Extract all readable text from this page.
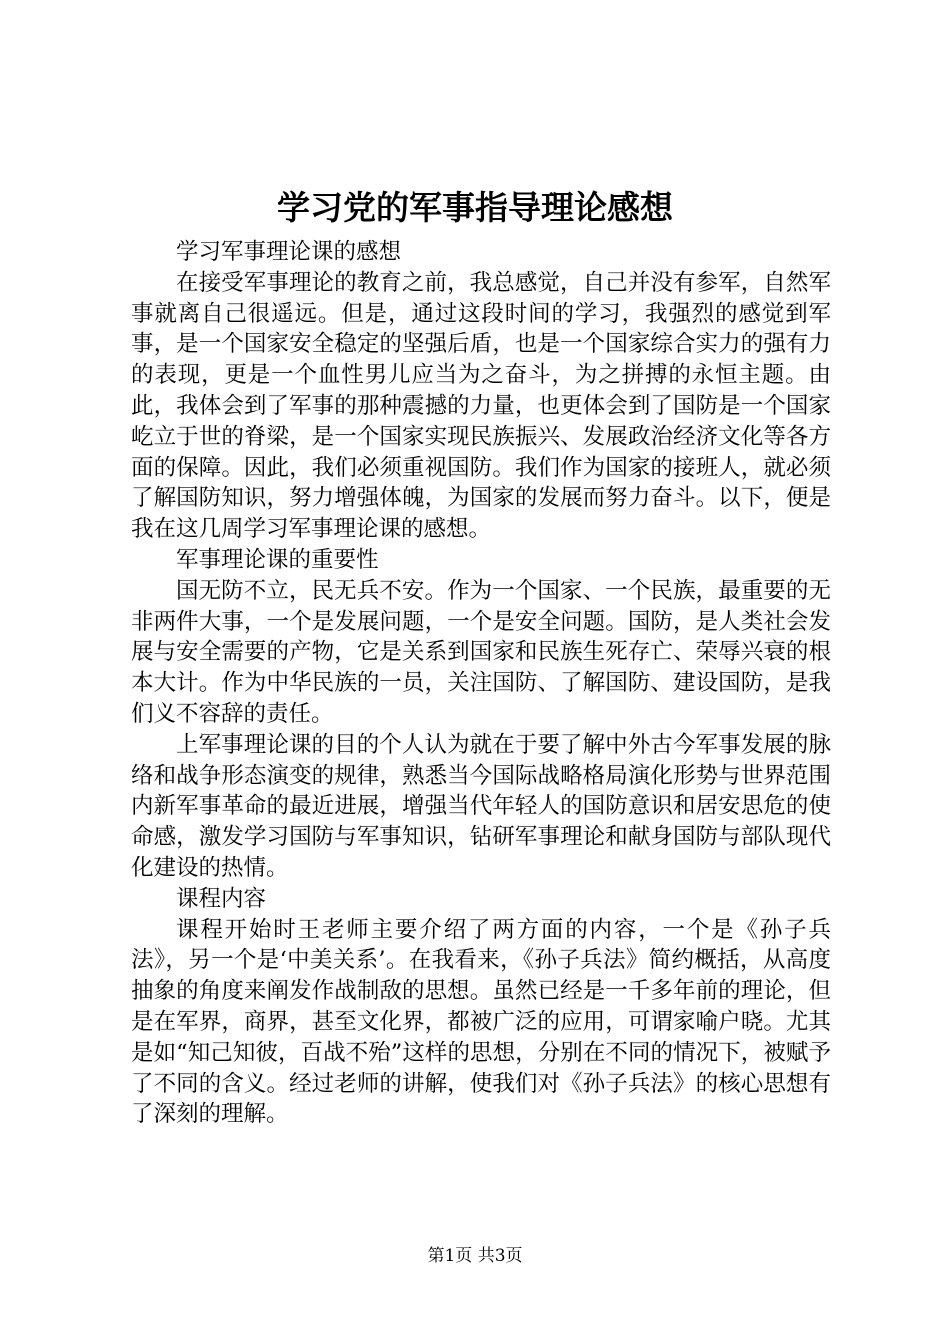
学习党的军事指导理论感想

学习军事理论课的感想

在接受军事理论的教育之前，我总感觉，自己并没有参军，自然军事就离自己很遥远。但是，通过这段时间的学习，我强烈的感觉到军事，是一个国家安全稳定的坚强后盾，也是一个国家综合实力的强有力的表现，更是一个血性男儿应当为之奋斗，为之拼搏的永恒主题。由此，我体会到了军事的那种震撼的力量，也更体会到了国防是一个国家屹立于世的脊梁，是一个国家实现民族振兴、发展政治经济文化等各方面的保障。因此，我们必须重视国防。我们作为国家的接班人，就必须了解国防知识，努力增强体魄，为国家的发展而努力奋斗。以下，便是我在这几周学习军事理论课的感想。

军事理论课的重要性

国无防不立，民无兵不安。作为一个国家、一个民族，最重要的无非两件大事，一个是发展问题，一个是安全问题。国防，是人类社会发展与安全需要的产物，它是关系到国家和民族生死存亡、荣辱兴衰的根本大计。作为中华民族的一员，关注国防、了解国防、建设国防，是我们义不容辞的责任。

上军事理论课的目的个人认为就在于要了解中外古今军事发展的脉络和战争形态演变的规律，熟悉当今国际战略格局演化形势与世界范围内新军事革命的最近进展，增强当代年轻人的国防意识和居安思危的使命感，激发学习国防与军事知识，钻研军事理论和献身国防与部队现代化建设的热情。

课程内容

课程开始时王老师主要介绍了两方面的内容，一个是《孙子兵法》，另一个是‘中美关系’。在我看来，《孙子兵法》简约概括，从高度抽象的角度来阐发作战制敌的思想。虽然已经是一千多年前的理论，但是在军界，商界，甚至文化界，都被广泛的应用，可谓家喻户晓。尤其是如“知己知彼，百战不殆”这样的思想，分别在不同的情况下，被赋予了不同的含义。经过老师的讲解，使我们对《孙子兵法》的核心思想有了深刻的理解。

第1页 共3页
